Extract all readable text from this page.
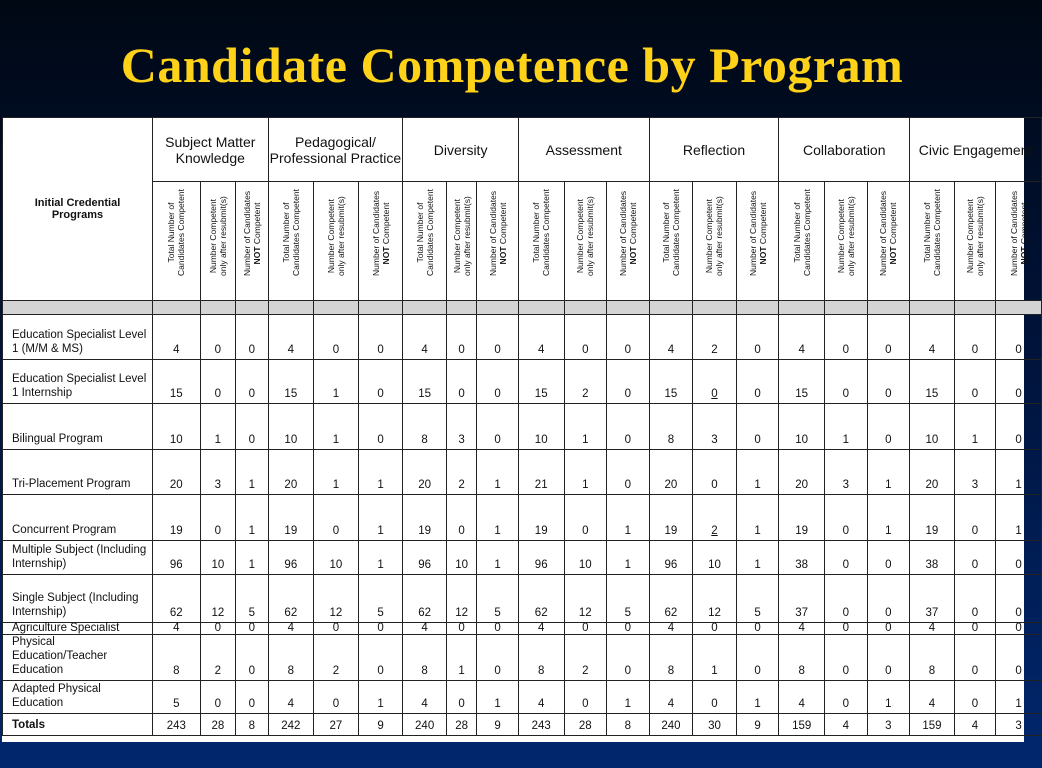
Candidate Competence by Program
Initial Credential Programs	Subject Matter Knowledge			Pedagogical/ Professional Practice			Diversity			Assessment			Reflection			Collaboration			Civic Engagement		

	Total Number of Candidates Competent	Number Competent only after resubmit(s)	Number of Candidates NOT Competent	Total Number of Candidates Competent	Number Competent only after resubmit(s)	Number of Candidates NOT Competent	Total Number of Candidates Competent	Number Competent only after resubmit(s)	Number of Candidates NOT Competent	Total Number of Candidates Competent	Number Competent only after resubmit(s)	Number of Candidates NOT Competent	Total Number of Candidates Competent	Number Competent only after resubmit(s)	Number of Candidates NOT Competent	Total Number of Candidates Competent	Number Competent only after resubmit(s)	Number of Candidates NOT Competent	Total Number of Candidates Competent	Number Competent only after resubmit(s)	Number of Candidates NOT Competent

Education Specialist Level 1 (M/M & MS)	4	0	0	4	0	0	4	0	0	4	0	0	4	2	0	4	0	0	4	0	0
Education Specialist Level 1 Internship	15	0	0	15	1	0	15	0	0	15	2	0	15	0	0	15	0	0	15	0	0
Bilingual Program	10	1	0	10	1	0	8	3	0	10	1	0	8	3	0	10	1	0	10	1	0
Tri-Placement Program	20	3	1	20	1	1	20	2	1	21	1	0	20	0	1	20	3	1	20	3	1
Concurrent Program	19	0	1	19	0	1	19	0	1	19	0	1	19	2	1	19	0	1	19	0	1
Multiple Subject (Including Internship)	96	10	1	96	10	1	96	10	1	96	10	1	96	10	1	38	0	0	38	0	0
Single Subject (Including Internship)	62	12	5	62	12	5	62	12	5	62	12	5	62	12	5	37	0	0	37	0	0
Agriculture Specialist	4	0	0	4	0	0	4	0	0	4	0	0	4	0	0	4	0	0	4	0	0
Physical Education/Teacher Education	8	2	0	8	2	0	8	1	0	8	2	0	8	1	0	8	0	0	8	0	0
Adapted Physical Education	5	0	0	4	0	1	4	0	1	4	0	1	4	0	1	4	0	1	4	0	1
Totals	243	28	8	242	27	9	240	28	9	243	28	8	240	30	9	159	4	3	159	4	3
